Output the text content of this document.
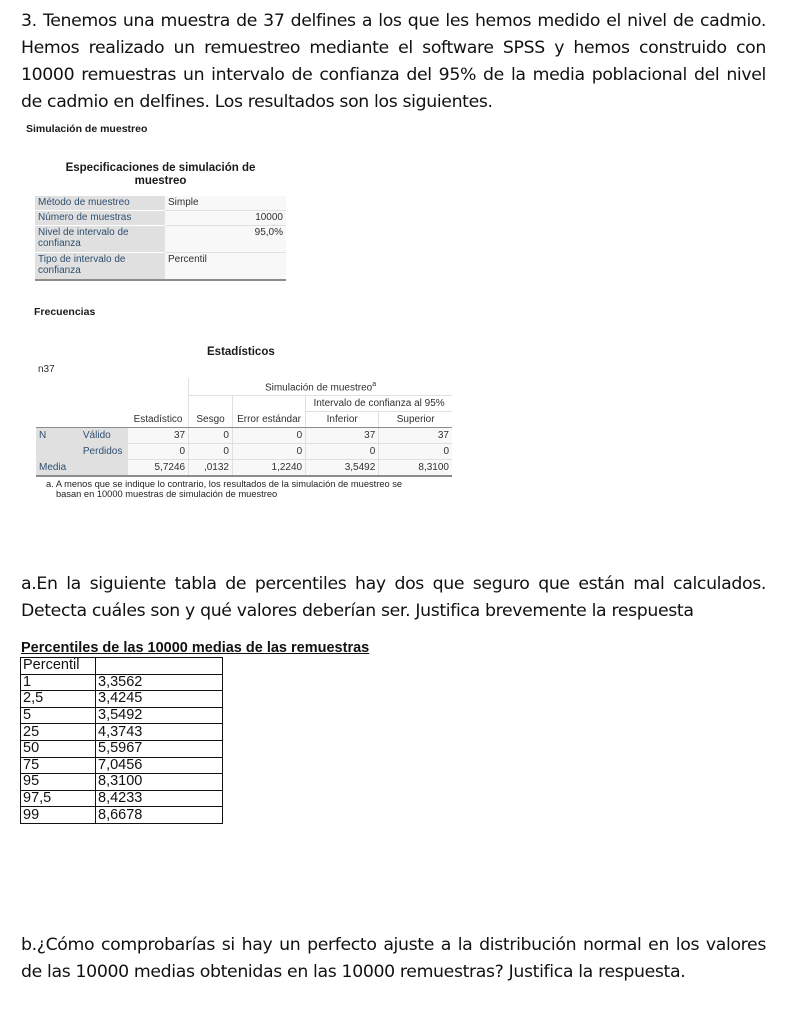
3. Tenemos una muestra de 37 delfines a los que les hemos medido el nivel de cadmio.
Hemos realizado un remuestreo mediante el software SPSS y hemos construido con
10000 remuestras un intervalo de confianza del 95% de la media poblacional del nivel
de cadmio en delfines. Los resultados son los siguientes.
Simulación de muestreo
Especificaciones de simulación de
muestreo
Método de muestreo	Simple
Número de muestras	10000
Nivel de intervalo de confianza	95,0%
Tipo de intervalo de confianza	Percentil
Frecuencias
Estadísticos
n37
			Simulación de muestreo$^a$
					Intervalo de confianza al 95%	
		Estadístico	Sesgo	Error estándar	Inferior	Superior
N	Válido	37	0	0	37	37
	Perdidos	0	0	0	0	0
Media		5,7246	,0132	1,2240	3,5492	8,3100
a. A menos que se indique lo contrario, los resultados de la simulación de muestreo se
basan en 10000 muestras de simulación de muestreo
a.En la siguiente tabla de percentiles hay dos que seguro que están mal calculados.
Detecta cuáles son y qué valores deberían ser. Justifica brevemente la respuesta
Percentiles de las 10000 medias de las remuestras
Percentil	
1	3,3562
2,5	3,4245
5	3,5492
25	4,3743
50	5,5967
75	7,0456
95	8,3100
97,5	8,4233
99	8,6678
b.¿Cómo comprobarías si hay un perfecto ajuste a la distribución normal en los valores
de las 10000 medias obtenidas en las 10000 remuestras? Justifica la respuesta.
